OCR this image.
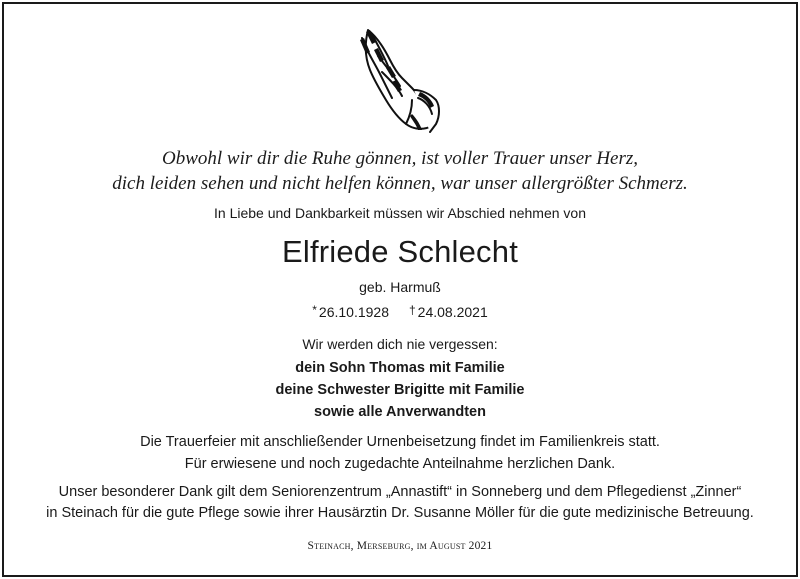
Obwohl wir dir die Ruhe gönnen, ist voller Trauer unser Herz,
dich leiden sehen und nicht helfen können, war unser allergrößter Schmerz.
In Liebe und Dankbarkeit müssen wir Abschied nehmen von
Elfriede Schlecht
geb. Harmuß
* 26.10.1928 † 24.08.2021
Wir werden dich nie vergessen:
dein Sohn Thomas mit Familie
deine Schwester Brigitte mit Familie
sowie alle Anverwandten
Die Trauerfeier mit anschließender Urnenbeisetzung findet im Familienkreis statt.
Für erwiesene und noch zugedachte Anteilnahme herzlichen Dank.
Unser besonderer Dank gilt dem Seniorenzentrum „Annastift“ in Sonneberg und dem Pflegedienst „Zinner“
in Steinach für die gute Pflege sowie ihrer Hausärztin Dr. Susanne Möller für die gute medizinische Betreuung.
Steinach, Merseburg, im August 2021
